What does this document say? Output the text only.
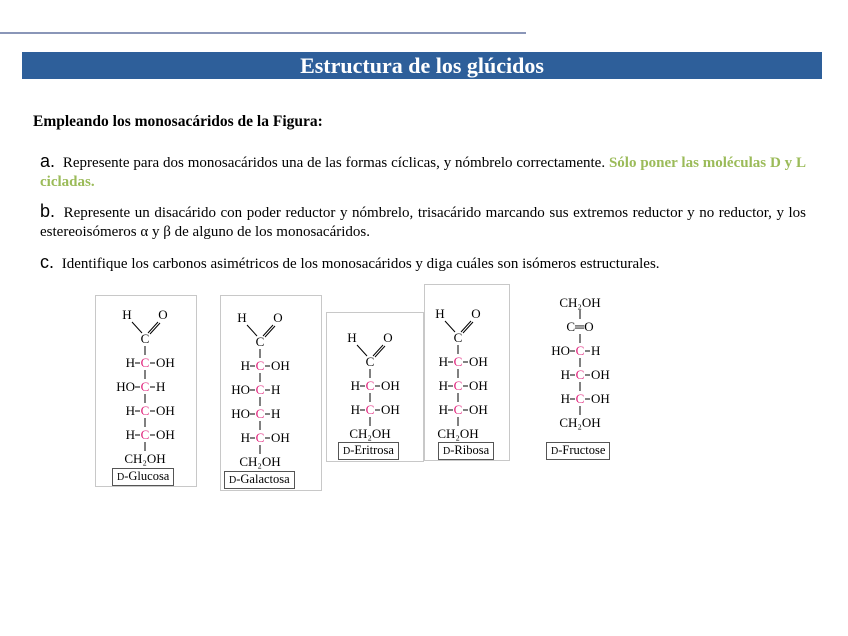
Estructura de los glúcidos
Empleando los monosacáridos de la Figura:
a. Represente para dos monosacáridos una de las formas cíclicas, y nómbrelo correctamente. Sólo poner las moléculas D y L cicladas.
b. Represente un disacárido con poder reductor y nómbrelo, trisacárido marcando sus extremos reductor y no reductor, y los estereoisómeros α y β de alguno de los monosacáridos.
c. Identifique los carbonos asimétricos de los monosacáridos y diga cuáles son isómeros estructurales.
H O
C
H C OH
HO C H
H C OH
H C OH
CH₂OH
D-Glucosa
H O
C
H C OH
HO C H
HO C H
H C OH
CH₂OH
D-Galactosa
H O
C
H C OH
H C OH
CH₂OH
D-Eritrosa
H O
C
H C OH
H C OH
H C OH
CH₂OH
D-Ribosa
CH₂OH
C═O
HO C H
H C OH
H C OH
CH₂OH
D-Fructose
